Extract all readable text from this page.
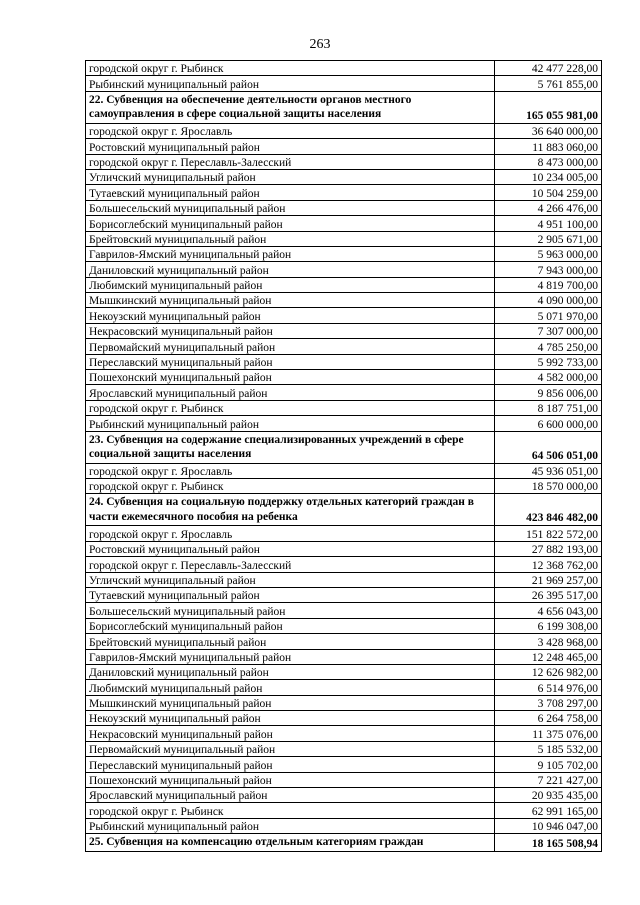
263
городской округ г. Рыбинск	42 477 228,00
Рыбинский муниципальный район	5 761 855,00
22. Субвенция на обеспечение деятельности органов местного самоуправления в сфере социальной защиты населения	165 055 981,00
городской округ г. Ярославль	36 640 000,00
Ростовский муниципальный район	11 883 060,00
городской округ г. Переславль-Залесский	8 473 000,00
Угличский муниципальный район	10 234 005,00
Тутаевский муниципальный район	10 504 259,00
Большесельский муниципальный район	4 266 476,00
Борисоглебский муниципальный район	4 951 100,00
Брейтовский муниципальный район	2 905 671,00
Гаврилов-Ямский муниципальный район	5 963 000,00
Даниловский муниципальный район	7 943 000,00
Любимский муниципальный район	4 819 700,00
Мышкинский муниципальный район	4 090 000,00
Некоузский муниципальный район	5 071 970,00
Некрасовский муниципальный район	7 307 000,00
Первомайский муниципальный район	4 785 250,00
Переславский муниципальный район	5 992 733,00
Пошехонский муниципальный район	4 582 000,00
Ярославский муниципальный район	9 856 006,00
городской округ г. Рыбинск	8 187 751,00
Рыбинский муниципальный район	6 600 000,00
23. Субвенция на содержание специализированных учреждений в сфере социальной защиты населения	64 506 051,00
городской округ г. Ярославль	45 936 051,00
городской округ г. Рыбинск	18 570 000,00
24. Субвенция на социальную поддержку отдельных категорий граждан в части ежемесячного пособия на ребенка	423 846 482,00
городской округ г. Ярославль	151 822 572,00
Ростовский муниципальный район	27 882 193,00
городской округ г. Переславль-Залесский	12 368 762,00
Угличский муниципальный район	21 969 257,00
Тутаевский муниципальный район	26 395 517,00
Большесельский муниципальный район	4 656 043,00
Борисоглебский муниципальный район	6 199 308,00
Брейтовский муниципальный район	3 428 968,00
Гаврилов-Ямский муниципальный район	12 248 465,00
Даниловский муниципальный район	12 626 982,00
Любимский муниципальный район	6 514 976,00
Мышкинский муниципальный район	3 708 297,00
Некоузский муниципальный район	6 264 758,00
Некрасовский муниципальный район	11 375 076,00
Первомайский муниципальный район	5 185 532,00
Переславский муниципальный район	9 105 702,00
Пошехонский муниципальный район	7 221 427,00
Ярославский муниципальный район	20 935 435,00
городской округ г. Рыбинск	62 991 165,00
Рыбинский муниципальный район	10 946 047,00
25. Субвенция на компенсацию отдельным категориям граждан	18 165 508,94
